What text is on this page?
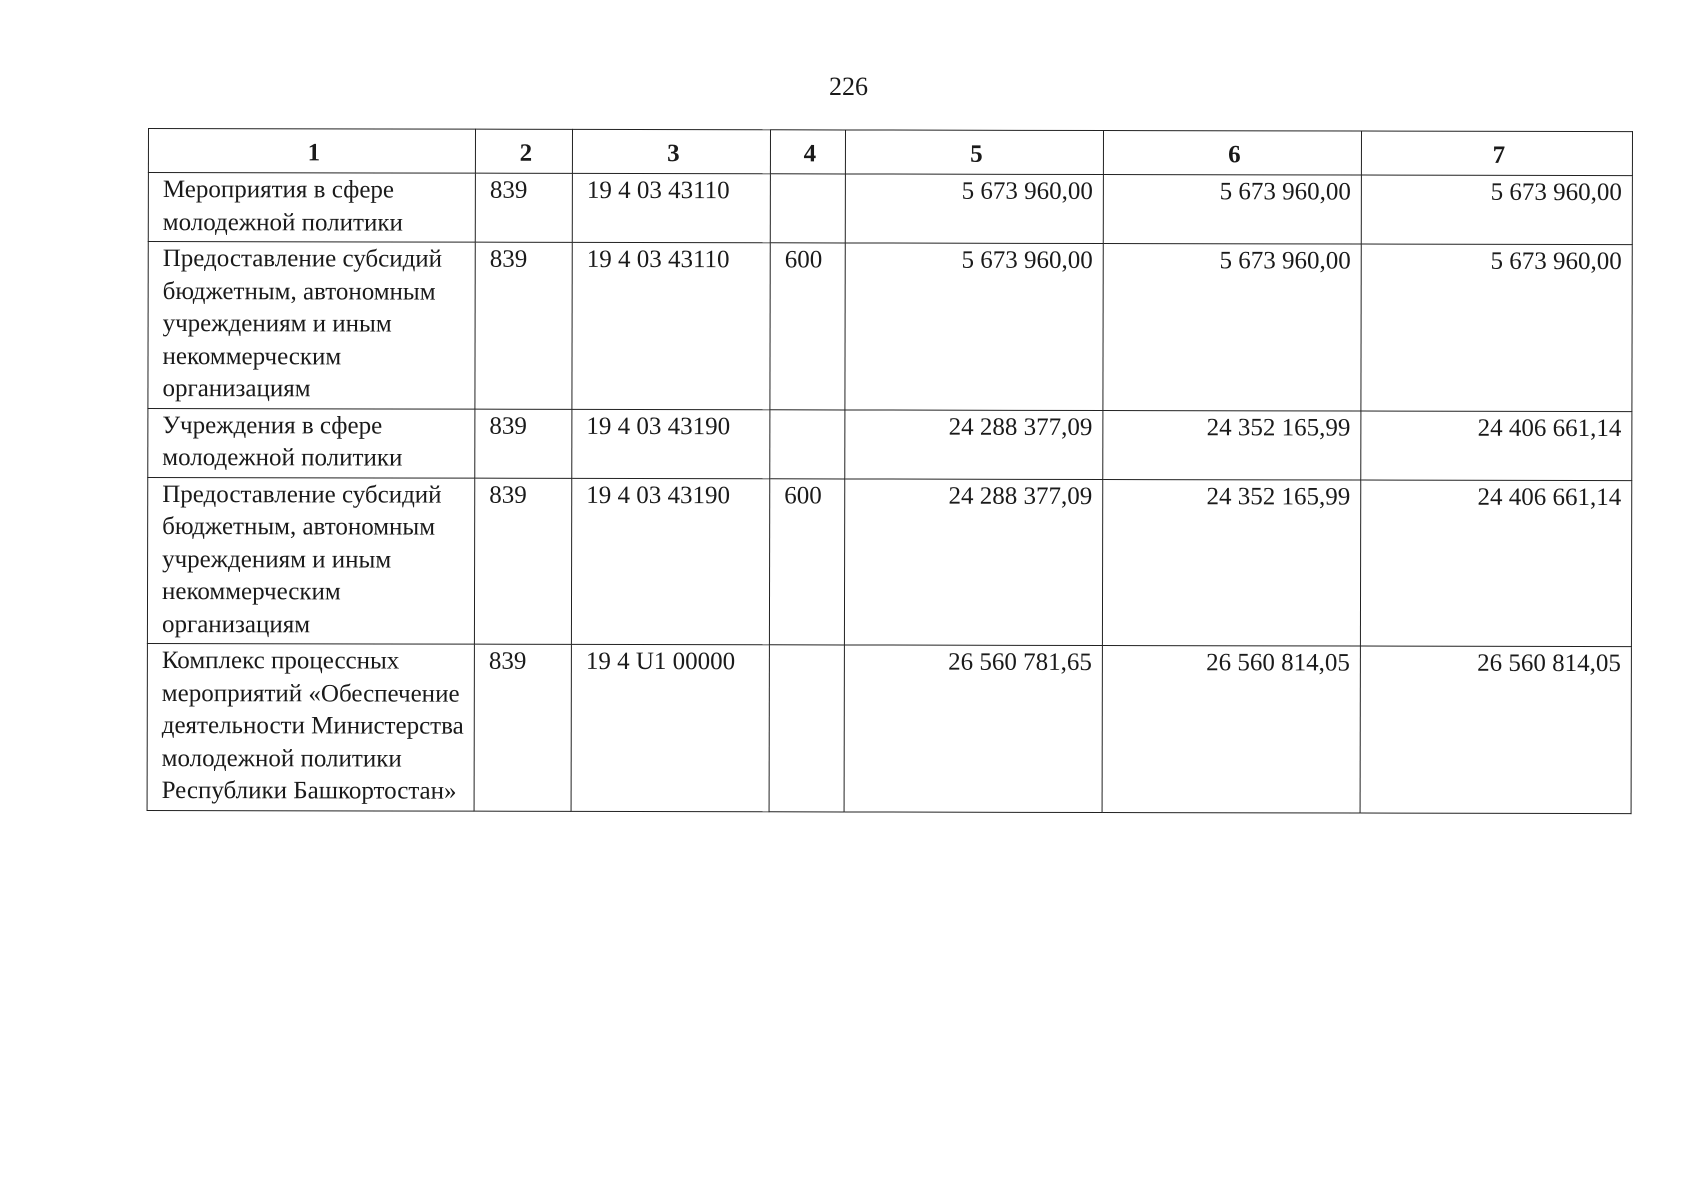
226
1	2	3	4	5	6	7
Мероприятия в сфере молодежной политики	839	19 4 03 43110		5 673 960,00	5 673 960,00	5 673 960,00
Предоставление субсидий бюджетным, автономным учреждениям и иным некоммерческим организациям	839	19 4 03 43110	600	5 673 960,00	5 673 960,00	5 673 960,00
Учреждения в сфере молодежной политики	839	19 4 03 43190		24 288 377,09	24 352 165,99	24 406 661,14
Предоставление субсидий бюджетным, автономным учреждениям и иным некоммерческим организациям	839	19 4 03 43190	600	24 288 377,09	24 352 165,99	24 406 661,14
Комплекс процессных мероприятий «Обеспечение деятельности Министерства молодежной политики Республики Башкортостан»	839	19 4 U1 00000		26 560 781,65	26 560 814,05	26 560 814,05
